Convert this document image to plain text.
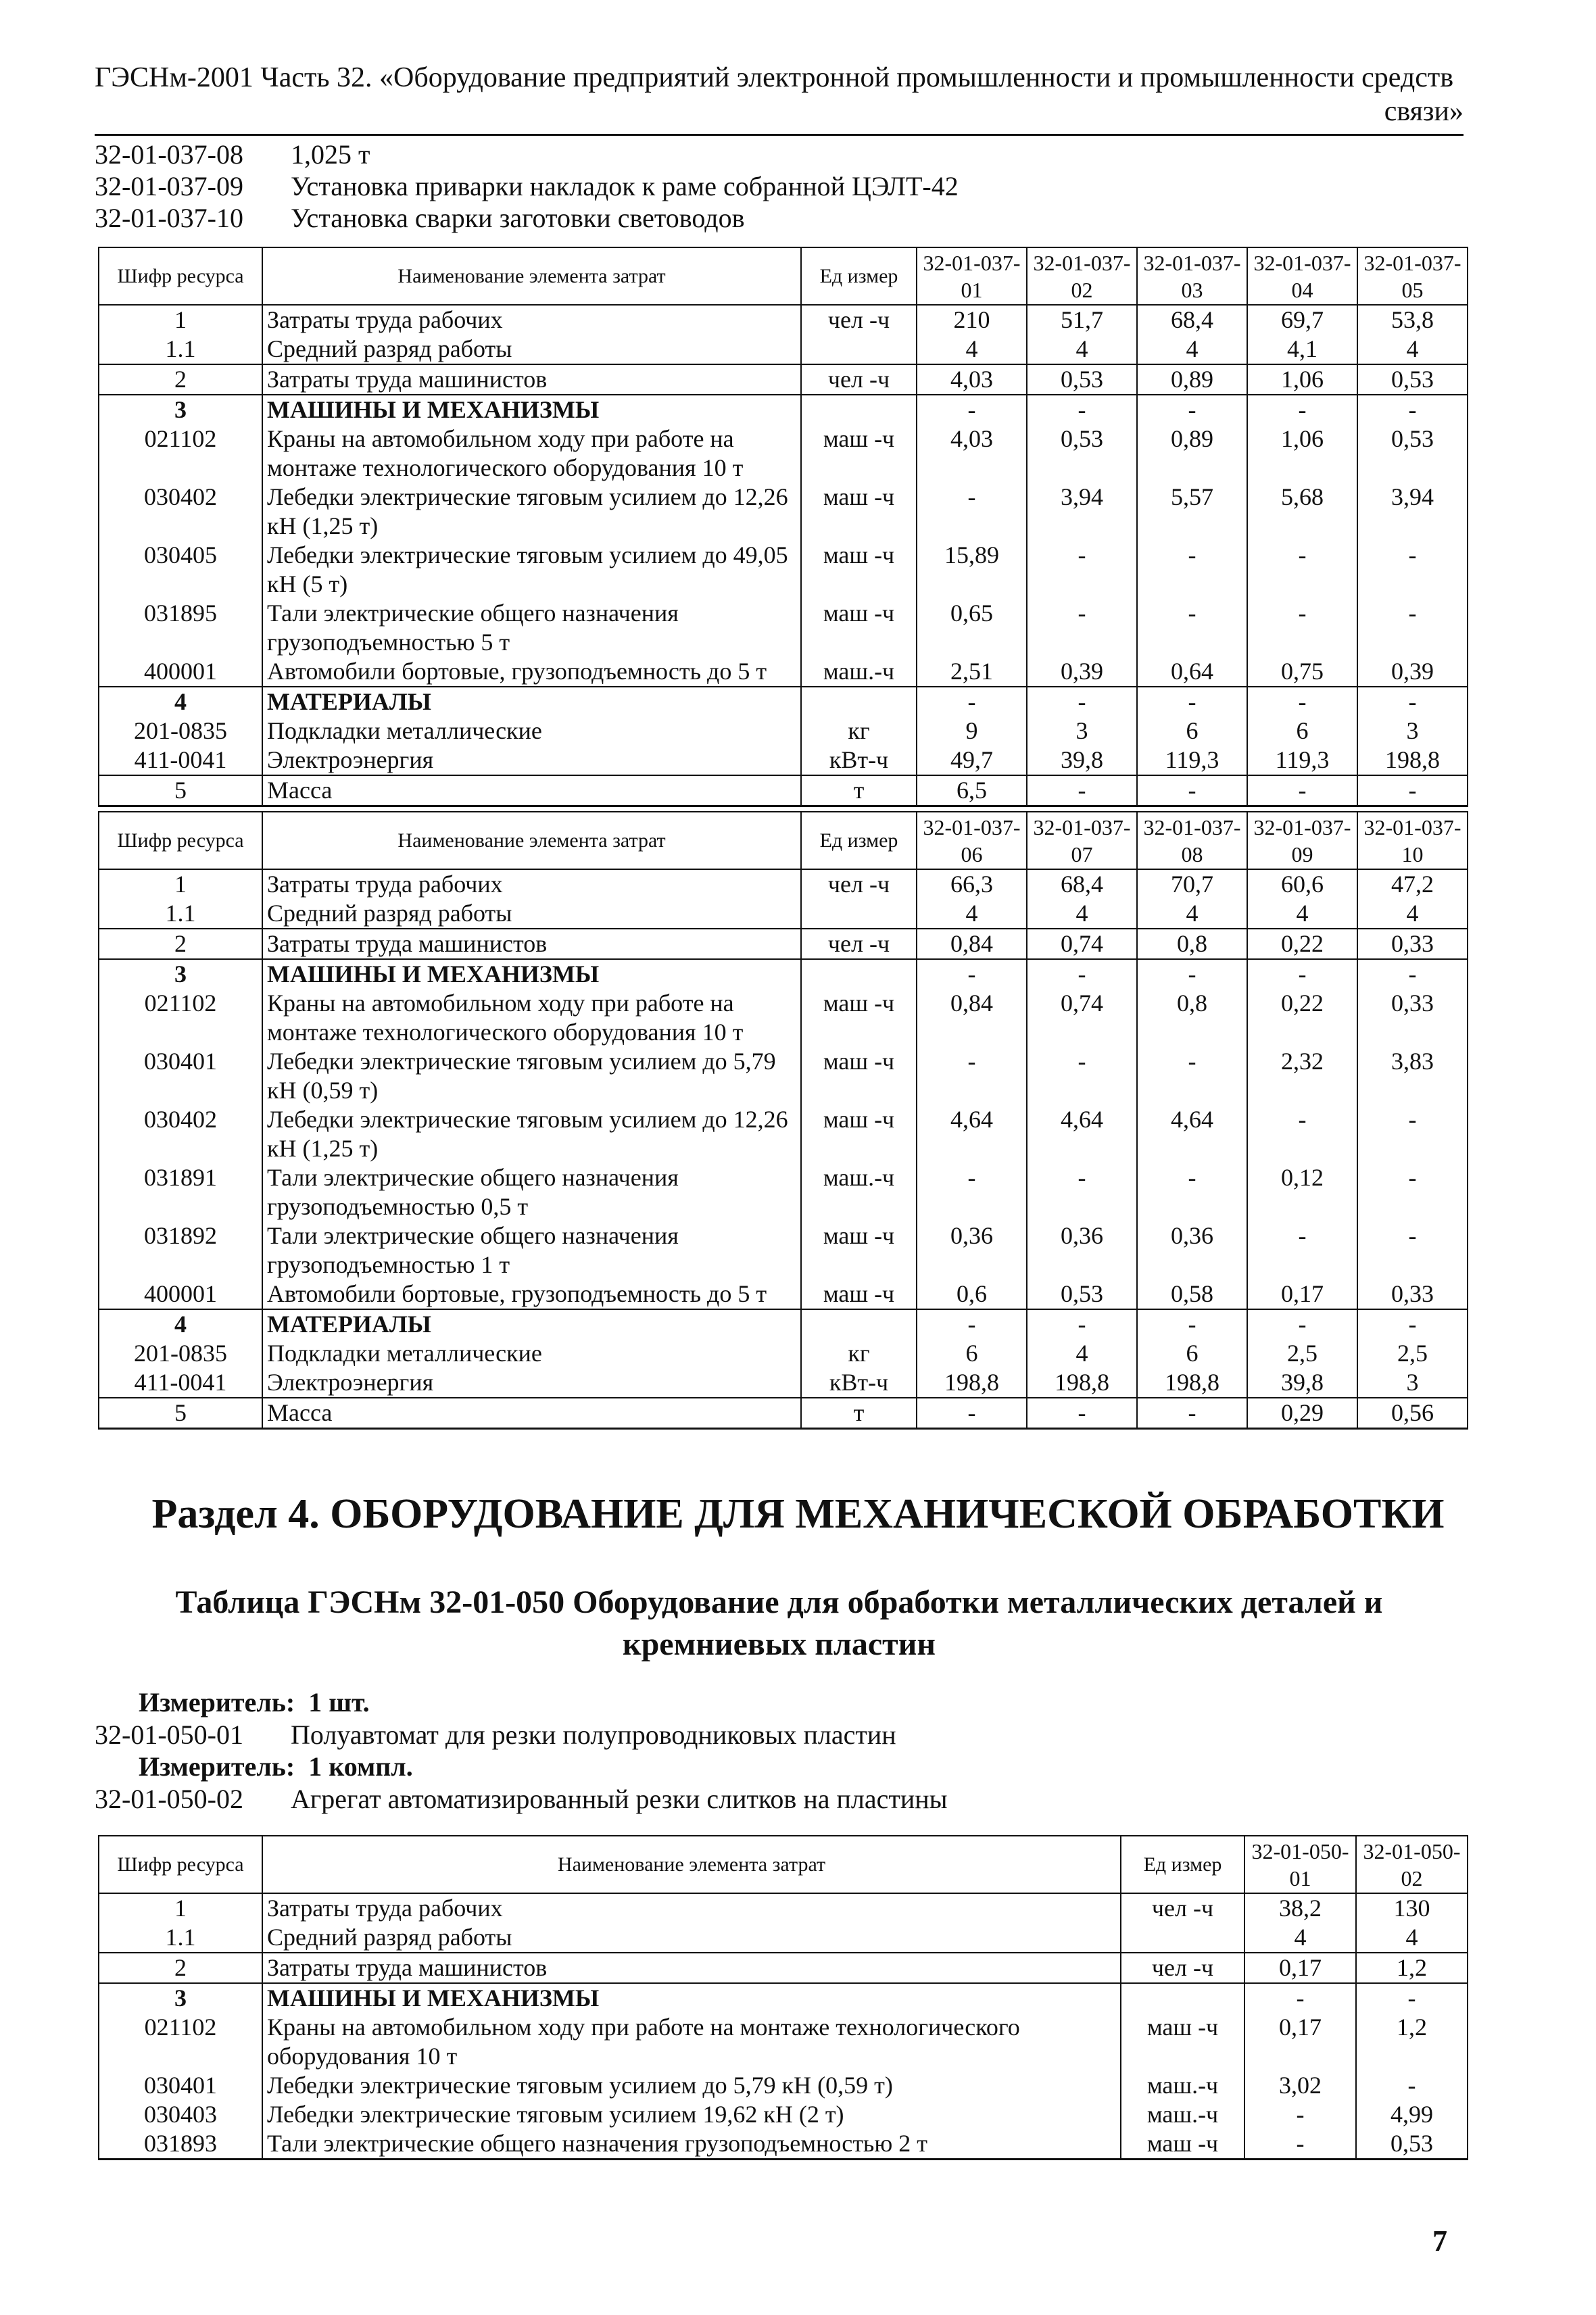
ГЭСНм-2001 Часть 32. «Оборудование предприятий электронной промышленности и промышленности средств
связи»
32-01-037-08 1,025 т
32-01-037-09 Установка приварки накладок к раме собранной ЦЭЛТ-42
32-01-037-10 Установка сварки заготовки световодов
Шифр ресурса	Наименование элемента затрат	Ед измер	32-01-037-01	32-01-037-02	32-01-037-03	32-01-037-04	32-01-037-05
1	Затраты труда рабочих	чел -ч	210	51,7	68,4	69,7	53,8
1.1	Средний разряд работы		4	4	4	4,1	4
2	Затраты труда машинистов	чел -ч	4,03	0,53	0,89	1,06	0,53
3	МАШИНЫ И МЕХАНИЗМЫ		-	-	-	-	-
021102	Краны на автомобильном ходу при работе на монтаже технологического оборудования 10 т	маш -ч	4,03	0,53	0,89	1,06	0,53
030402	Лебедки электрические тяговым усилием до 12,26 кН (1,25 т)	маш -ч	-	3,94	5,57	5,68	3,94
030405	Лебедки электрические тяговым усилием до 49,05 кН (5 т)	маш -ч	15,89	-	-	-	-
031895	Тали электрические общего назначения грузоподъемностью 5 т	маш -ч	0,65	-	-	-	-
400001	Автомобили бортовые, грузоподъемность до 5 т	маш.-ч	2,51	0,39	0,64	0,75	0,39
4	МАТЕРИАЛЫ		-	-	-	-	-
201-0835	Подкладки металлические	кг	9	3	6	6	3
411-0041	Электроэнергия	кВт-ч	49,7	39,8	119,3	119,3	198,8
5	Масса	т	6,5	-	-	-	-
Шифр ресурса	Наименование элемента затрат	Ед измер	32-01-037-06	32-01-037-07	32-01-037-08	32-01-037-09	32-01-037-10
1	Затраты труда рабочих	чел -ч	66,3	68,4	70,7	60,6	47,2
1.1	Средний разряд работы		4	4	4	4	4
2	Затраты труда машинистов	чел -ч	0,84	0,74	0,8	0,22	0,33
3	МАШИНЫ И МЕХАНИЗМЫ		-	-	-	-	-
021102	Краны на автомобильном ходу при работе на монтаже технологического оборудования 10 т	маш -ч	0,84	0,74	0,8	0,22	0,33
030401	Лебедки электрические тяговым усилием до 5,79 кН (0,59 т)	маш -ч	-	-	-	2,32	3,83
030402	Лебедки электрические тяговым усилием до 12,26 кН (1,25 т)	маш -ч	4,64	4,64	4,64	-	-
031891	Тали электрические общего назначения грузоподъемностью 0,5 т	маш.-ч	-	-	-	0,12	-
031892	Тали электрические общего назначения грузоподъемностью 1 т	маш -ч	0,36	0,36	0,36	-	-
400001	Автомобили бортовые, грузоподъемность до 5 т	маш -ч	0,6	0,53	0,58	0,17	0,33
4	МАТЕРИАЛЫ		-	-	-	-	-
201-0835	Подкладки металлические	кг	6	4	6	2,5	2,5
411-0041	Электроэнергия	кВт-ч	198,8	198,8	198,8	39,8	3
5	Масса	т	-	-	-	0,29	0,56
Раздел 4. ОБОРУДОВАНИЕ ДЛЯ МЕХАНИЧЕСКОЙ ОБРАБОТКИ
Таблица ГЭСНм 32-01-050 Оборудование для обработки металлических деталей и
кремниевых пластин
Измеритель: 1 шт.
32-01-050-01 Полуавтомат для резки полупроводниковых пластин
Измеритель: 1 компл.
32-01-050-02 Агрегат автоматизированный резки слитков на пластины
Шифр ресурса	Наименование элемента затрат	Ед измер	32-01-050-01	32-01-050-02
1	Затраты труда рабочих	чел -ч	38,2	130
1.1	Средний разряд работы		4	4
2	Затраты труда машинистов	чел -ч	0,17	1,2
3	МАШИНЫ И МЕХАНИЗМЫ		-	-
021102	Краны на автомобильном ходу при работе на монтаже технологического оборудования 10 т	маш -ч	0,17	1,2
030401	Лебедки электрические тяговым усилием до 5,79 кН (0,59 т)	маш.-ч	3,02	-
030403	Лебедки электрические тяговым усилием 19,62 кН (2 т)	маш.-ч	-	4,99
031893	Тали электрические общего назначения грузоподъемностью 2 т	маш -ч	-	0,53
7
